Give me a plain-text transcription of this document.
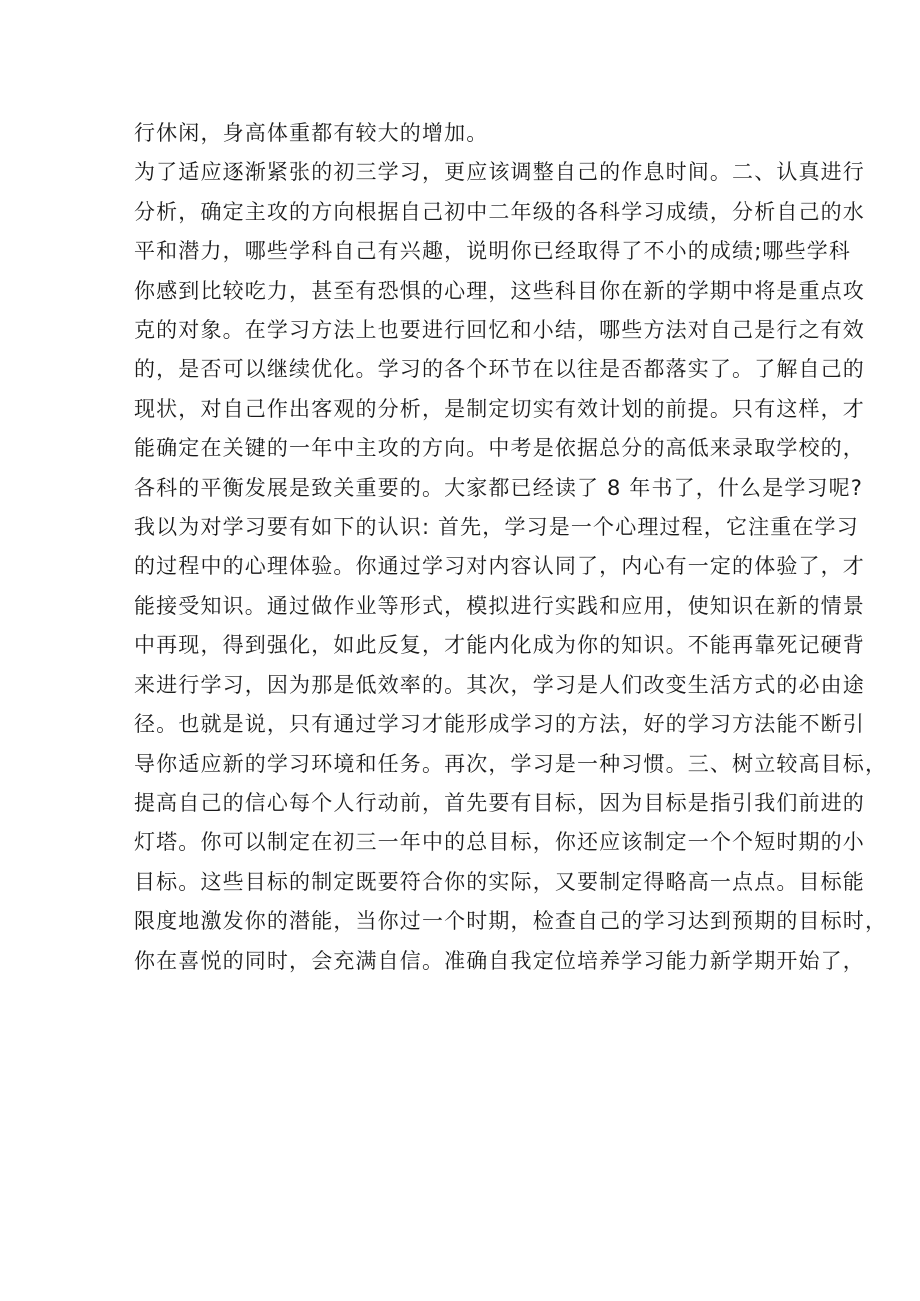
行休闲，身高体重都有较大的增加。
为了适应逐渐紧张的初三学习，更应该调整自己的作息时间。二、认真进行
分析，确定主攻的方向根据自己初中二年级的各科学习成绩，分析自己的水
平和潜力，哪些学科自己有兴趣，说明你已经取得了不小的成绩;哪些学科
你感到比较吃力，甚至有恐惧的心理，这些科目你在新的学期中将是重点攻
克的对象。在学习方法上也要进行回忆和小结，哪些方法对自己是行之有效
的，是否可以继续优化。学习的各个环节在以往是否都落实了。了解自己的
现状，对自己作出客观的分析，是制定切实有效计划的前提。只有这样，才
能确定在关键的一年中主攻的方向。中考是依据总分的高低来录取学校的，
各科的平衡发展是致关重要的。大家都已经读了 8 年书了，什么是学习呢?
我以为对学习要有如下的认识: 首先，学习是一个心理过程，它注重在学习
的过程中的心理体验。你通过学习对内容认同了，内心有一定的体验了，才
能接受知识。通过做作业等形式，模拟进行实践和应用，使知识在新的情景
中再现，得到强化，如此反复，才能内化成为你的知识。不能再靠死记硬背
来进行学习，因为那是低效率的。其次，学习是人们改变生活方式的必由途
径。也就是说，只有通过学习才能形成学习的方法，好的学习方法能不断引
导你适应新的学习环境和任务。再次，学习是一种习惯。三、树立较高目标，
提高自己的信心每个人行动前，首先要有目标，因为目标是指引我们前进的
灯塔。你可以制定在初三一年中的总目标，你还应该制定一个个短时期的小
目标。这些目标的制定既要符合你的实际，又要制定得略高一点点。目标能
限度地激发你的潜能，当你过一个时期，检查自己的学习达到预期的目标时，
你在喜悦的同时，会充满自信。准确自我定位培养学习能力新学期开始了，
